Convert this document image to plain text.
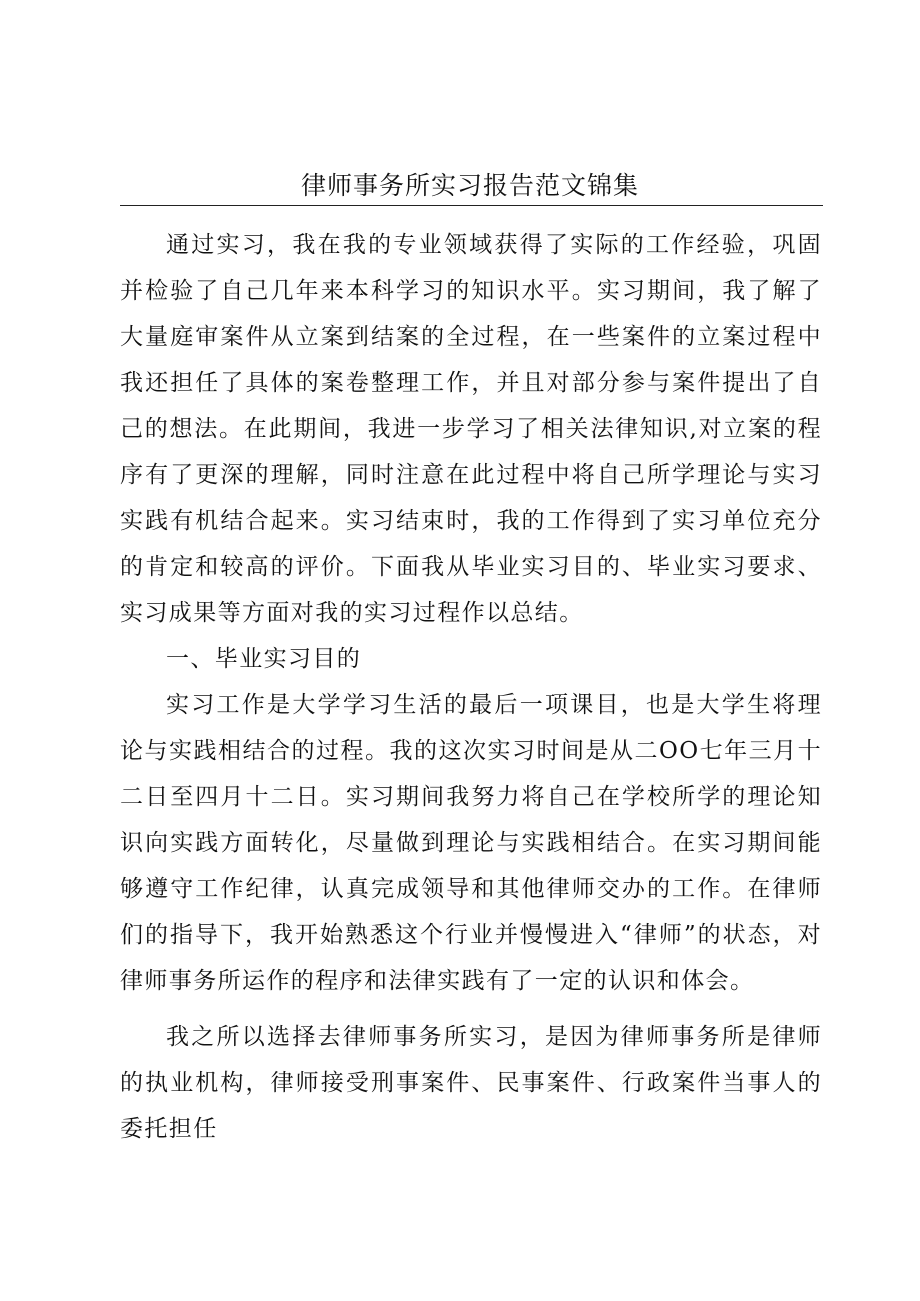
律师事务所实习报告范文锦集

通过实习，我在我的专业领域获得了实际的工作经验，巩固并检验了自己几年来本科学习的知识水平。实习期间，我了解了大量庭审案件从立案到结案的全过程，在一些案件的立案过程中我还担任了具体的案卷整理工作，并且对部分参与案件提出了自己的想法。在此期间，我进一步学习了相关法律知识,对立案的程序有了更深的理解，同时注意在此过程中将自己所学理论与实习实践有机结合起来。实习结束时，我的工作得到了实习单位充分的肯定和较高的评价。下面我从毕业实习目的、毕业实习要求、实习成果等方面对我的实习过程作以总结。

一、毕业实习目的

实习工作是大学学习生活的最后一项课目，也是大学生将理论与实践相结合的过程。我的这次实习时间是从二OO七年三月十二日至四月十二日。实习期间我努力将自己在学校所学的理论知识向实践方面转化，尽量做到理论与实践相结合。在实习期间能够遵守工作纪律，认真完成领导和其他律师交办的工作。在律师们的指导下，我开始熟悉这个行业并慢慢进入“律师”的状态，对律师事务所运作的程序和法律实践有了一定的认识和体会。

我之所以选择去律师事务所实习，是因为律师事务所是律师的执业机构，律师接受刑事案件、民事案件、行政案件当事人的委托担任
